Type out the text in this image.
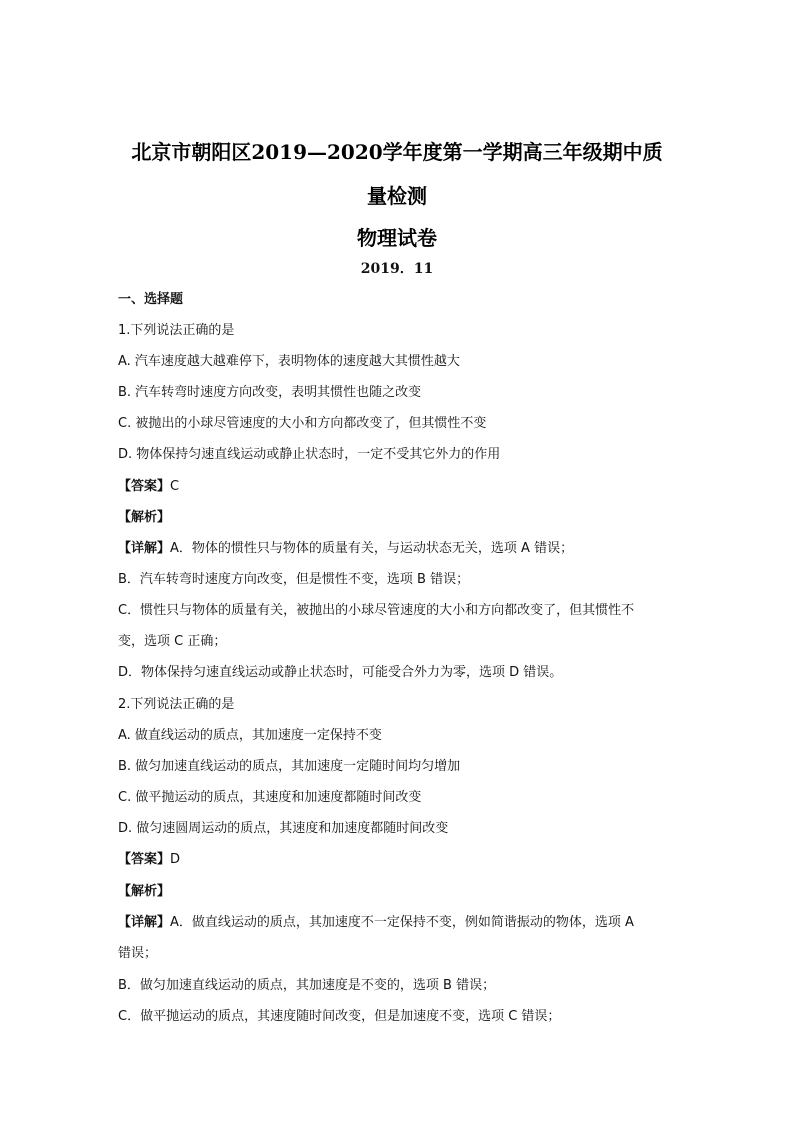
北京市朝阳区2019—2020学年度第一学期高三年级期中质
量检测
物理试卷
2019．11
一、选择题
1.下列说法正确的是
A. 汽车速度越大越难停下，表明物体的速度越大其惯性越大
B. 汽车转弯时速度方向改变，表明其惯性也随之改变
C. 被抛出的小球尽管速度的大小和方向都改变了，但其惯性不变
D. 物体保持匀速直线运动或静止状态时，一定不受其它外力的作用
【答案】C
【解析】
【详解】A．物体的惯性只与物体的质量有关，与运动状态无关，选项 A 错误；
B．汽车转弯时速度方向改变，但是惯性不变，选项 B 错误；
C．惯性只与物体的质量有关，被抛出的小球尽管速度的大小和方向都改变了，但其惯性不
变，选项 C 正确；
D．物体保持匀速直线运动或静止状态时，可能受合外力为零，选项 D 错误。
2.下列说法正确的是
A. 做直线运动的质点，其加速度一定保持不变
B. 做匀加速直线运动的质点，其加速度一定随时间均匀增加
C. 做平抛运动的质点，其速度和加速度都随时间改变
D. 做匀速圆周运动的质点，其速度和加速度都随时间改变
【答案】D
【解析】
【详解】A．做直线运动的质点，其加速度不一定保持不变，例如简谐振动的物体，选项 A
错误；
B．做匀加速直线运动的质点，其加速度是不变的，选项 B 错误；
C．做平抛运动的质点，其速度随时间改变，但是加速度不变，选项 C 错误；
